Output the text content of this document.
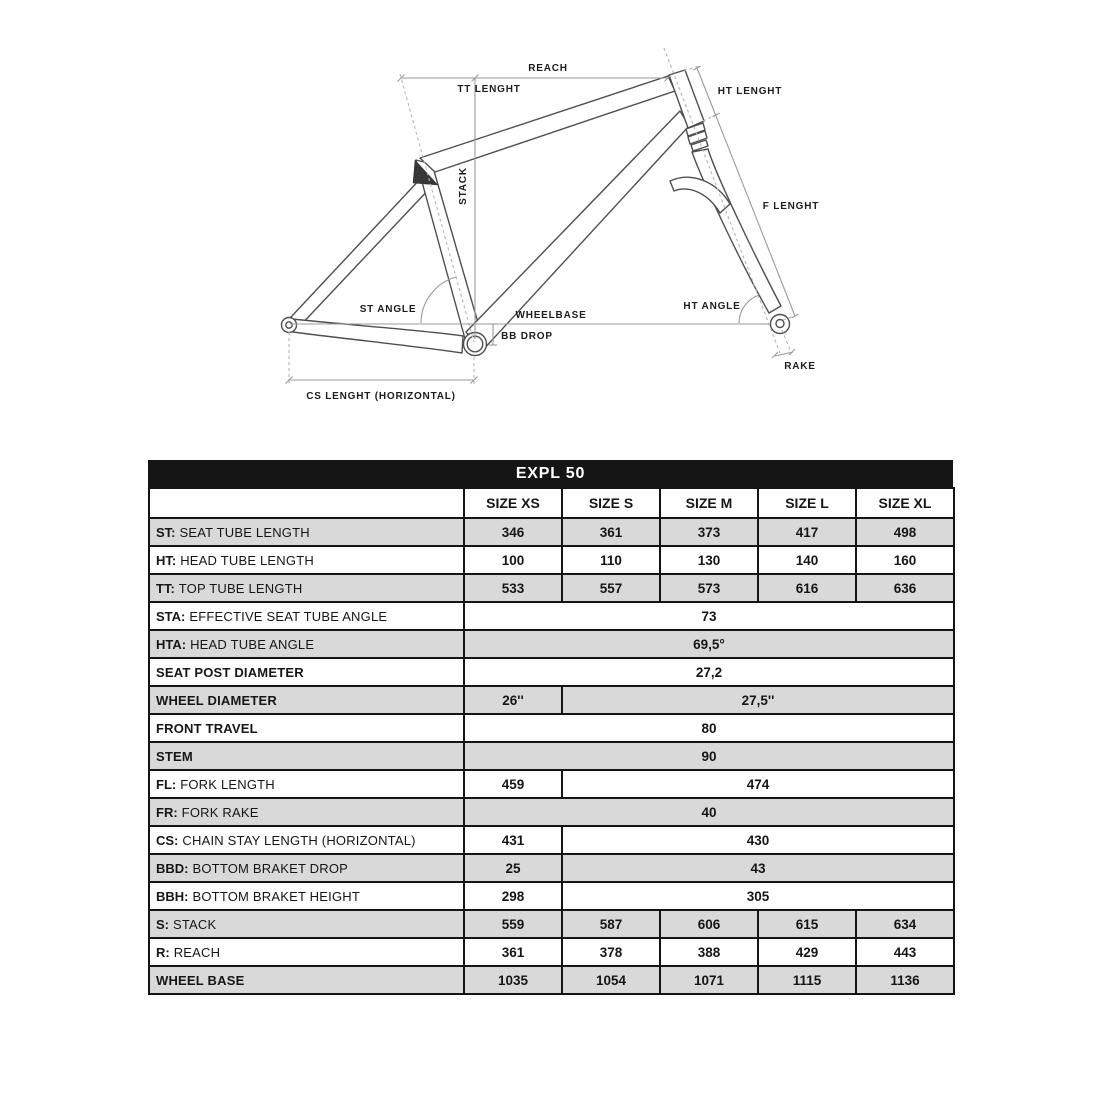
REACH
TT LENGHT	HT LENGHT
STACK
F LENGHT
ST ANGLE
WHEELBASE
BB DROP
HT ANGLE
RAKE
CS LENGHT (HORIZONTAL)
EXPL 50
	SIZE XS	SIZE S	SIZE M	SIZE L	SIZE XL
ST: SEAT TUBE LENGTH	346	361	373	417	498
HT: HEAD TUBE LENGTH	100	110	130	140	160
TT: TOP TUBE LENGTH	533	557	573	616	636
STA: EFFECTIVE SEAT TUBE ANGLE	73				
HTA: HEAD TUBE ANGLE	69,5°				
SEAT POST DIAMETER	27,2				
WHEEL DIAMETER	26''	27,5''			
FRONT TRAVEL	80				
STEM	90				
FL: FORK LENGTH	459	474			
FR: FORK RAKE	40				
CS: CHAIN STAY LENGTH (HORIZONTAL)	431	430			
BBD: BOTTOM BRAKET DROP	25	43			
BBH: BOTTOM BRAKET HEIGHT	298	305			
S: STACK	559	587	606	615	634
R: REACH	361	378	388	429	443
WHEEL BASE	1035	1054	1071	1115	1136
